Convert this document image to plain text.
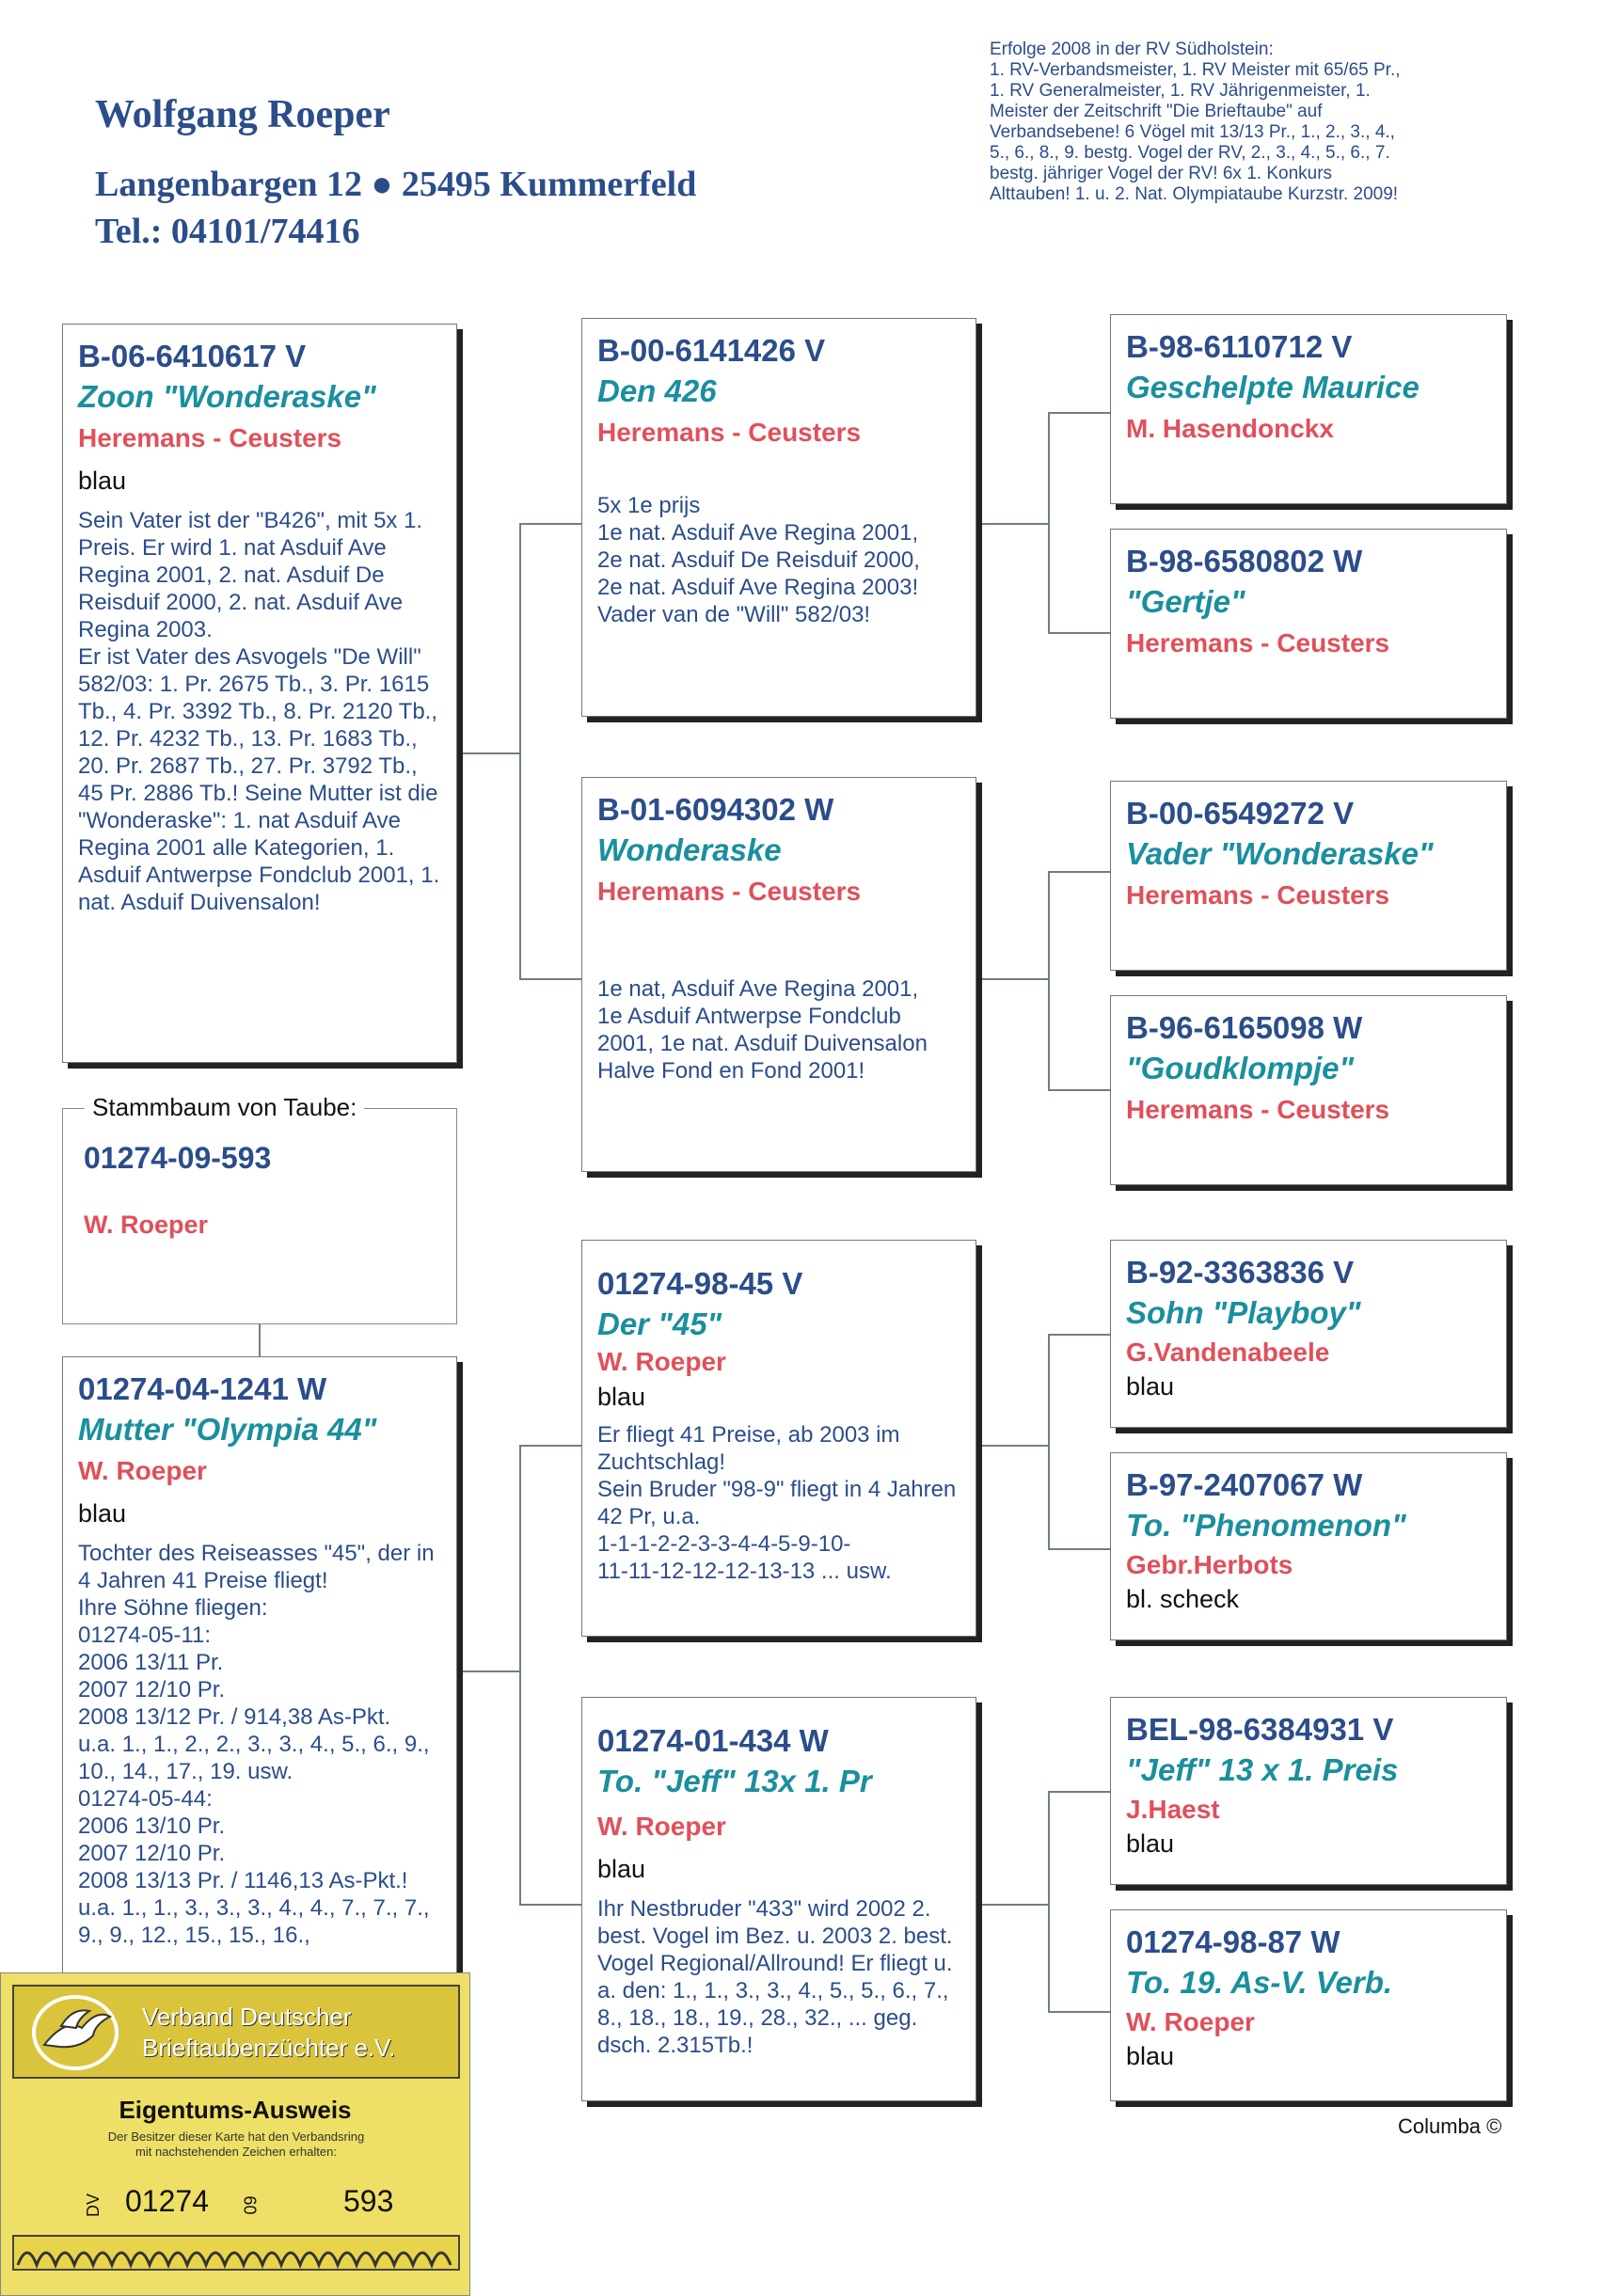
Wolfgang Roeper
Langenbargen 12 ● 25495 Kummerfeld
Tel.: 04101/74416
Erfolge 2008 in der RV Südholstein:
1. RV-Verbandsmeister, 1. RV Meister mit 65/65 Pr.,
1. RV Generalmeister, 1. RV Jährigenmeister, 1.
Meister der Zeitschrift "Die Brieftaube" auf
Verbandsebene! 6 Vögel mit 13/13 Pr., 1., 2., 3., 4.,
5., 6., 8., 9. bestg. Vogel der RV, 2., 3., 4., 5., 6., 7.
bestg. jähriger Vogel der RV! 6x 1. Konkurs
Alttauben! 1. u. 2. Nat. Olympiataube Kurzstr. 2009!
01274-09-593
W. Roeper
Stammbaum von Taube:
B-06-6410617 V
Zoon "Wonderaske"
Heremans - Ceusters
blau
Sein Vater ist der "B426", mit 5x 1. Preis. Er wird 1. nat Asduif Ave Regina 2001, 2. nat. Asduif De Reisduif 2000, 2. nat. Asduif Ave Regina 2003.
Er ist Vater des Asvogels "De Will" 582/03: 1. Pr. 2675 Tb., 3. Pr. 1615 Tb., 4. Pr. 3392 Tb., 8. Pr. 2120 Tb., 12. Pr. 4232 Tb., 13. Pr. 1683 Tb., 20. Pr. 2687 Tb., 27. Pr. 3792 Tb., 45 Pr. 2886 Tb.! Seine Mutter ist die "Wonderaske": 1. nat Asduif Ave Regina 2001 alle Kategorien, 1. Asduif Antwerpse Fondclub 2001, 1. nat. Asduif Duivensalon!
01274-04-1241 W
Mutter "Olympia 44"
W. Roeper
blau
Tochter des Reiseasses "45", der in 4 Jahren 41 Preise fliegt!
Ihre Söhne fliegen:
01274-05-11:
2006 13/11 Pr.
2007 12/10 Pr.
2008 13/12 Pr. / 914,38 As-Pkt.
u.a. 1., 1., 2., 2., 3., 3., 4., 5., 6., 9., 10., 14., 17., 19. usw.
01274-05-44:
2006 13/10 Pr.
2007 12/10 Pr.
2008 13/13 Pr. / 1146,13 As-Pkt.!
u.a. 1., 1., 3., 3., 3., 4., 4., 7., 7., 7., 9., 9., 12., 15., 15., 16.,
B-00-6141426 V
Den 426
Heremans - Ceusters
5x 1e prijs
1e nat. Asduif Ave Regina 2001,
2e nat. Asduif De Reisduif 2000,
2e nat. Asduif Ave Regina 2003!
Vader van de "Will" 582/03!
B-01-6094302 W
Wonderaske
Heremans - Ceusters
1e nat, Asduif Ave Regina 2001,
1e Asduif Antwerpse Fondclub
2001, 1e nat. Asduif Duivensalon
Halve Fond en Fond 2001!
01274-98-45 V
Der "45"
W. Roeper
blau
Er fliegt 41 Preise, ab 2003 im Zuchtschlag!
Sein Bruder "98-9" fliegt in 4 Jahren 42 Pr, u.a.
1-1-1-2-2-3-3-4-4-5-9-10-
11-11-12-12-12-13-13 ... usw.
01274-01-434 W
To. "Jeff" 13x 1. Pr
W. Roeper
blau
Ihr Nestbruder "433" wird 2002 2. best. Vogel im Bez. u. 2003 2. best. Vogel Regional/Allround! Er fliegt u. a. den: 1., 1., 3., 3., 4., 5., 5., 6., 7., 8., 18., 18., 19., 28., 32., ... geg. dsch. 2.315Tb.!
B-98-6110712 V
Geschelpte Maurice
M. Hasendonckx
B-98-6580802 W
"Gertje"
Heremans - Ceusters
B-00-6549272 V
Vader "Wonderaske"
Heremans - Ceusters
B-96-6165098 W
"Goudklompje"
Heremans - Ceusters
B-92-3363836 V
Sohn "Playboy"
G.Vandenabeele
blau
B-97-2407067 W
To. "Phenomenon"
Gebr.Herbots
bl. scheck
BEL-98-6384931 V
"Jeff" 13 x 1. Preis
J.Haest
blau
01274-98-87 W
To. 19. As-V. Verb.
W. Roeper
blau
Columba ©
Verband Deutscher
Brieftaubenzüchter e.V.
Eigentums-Ausweis
Der Besitzer dieser Karte hat den Verbandsring
mit nachstehenden Zeichen erhalten:
DV 01274 09	593
